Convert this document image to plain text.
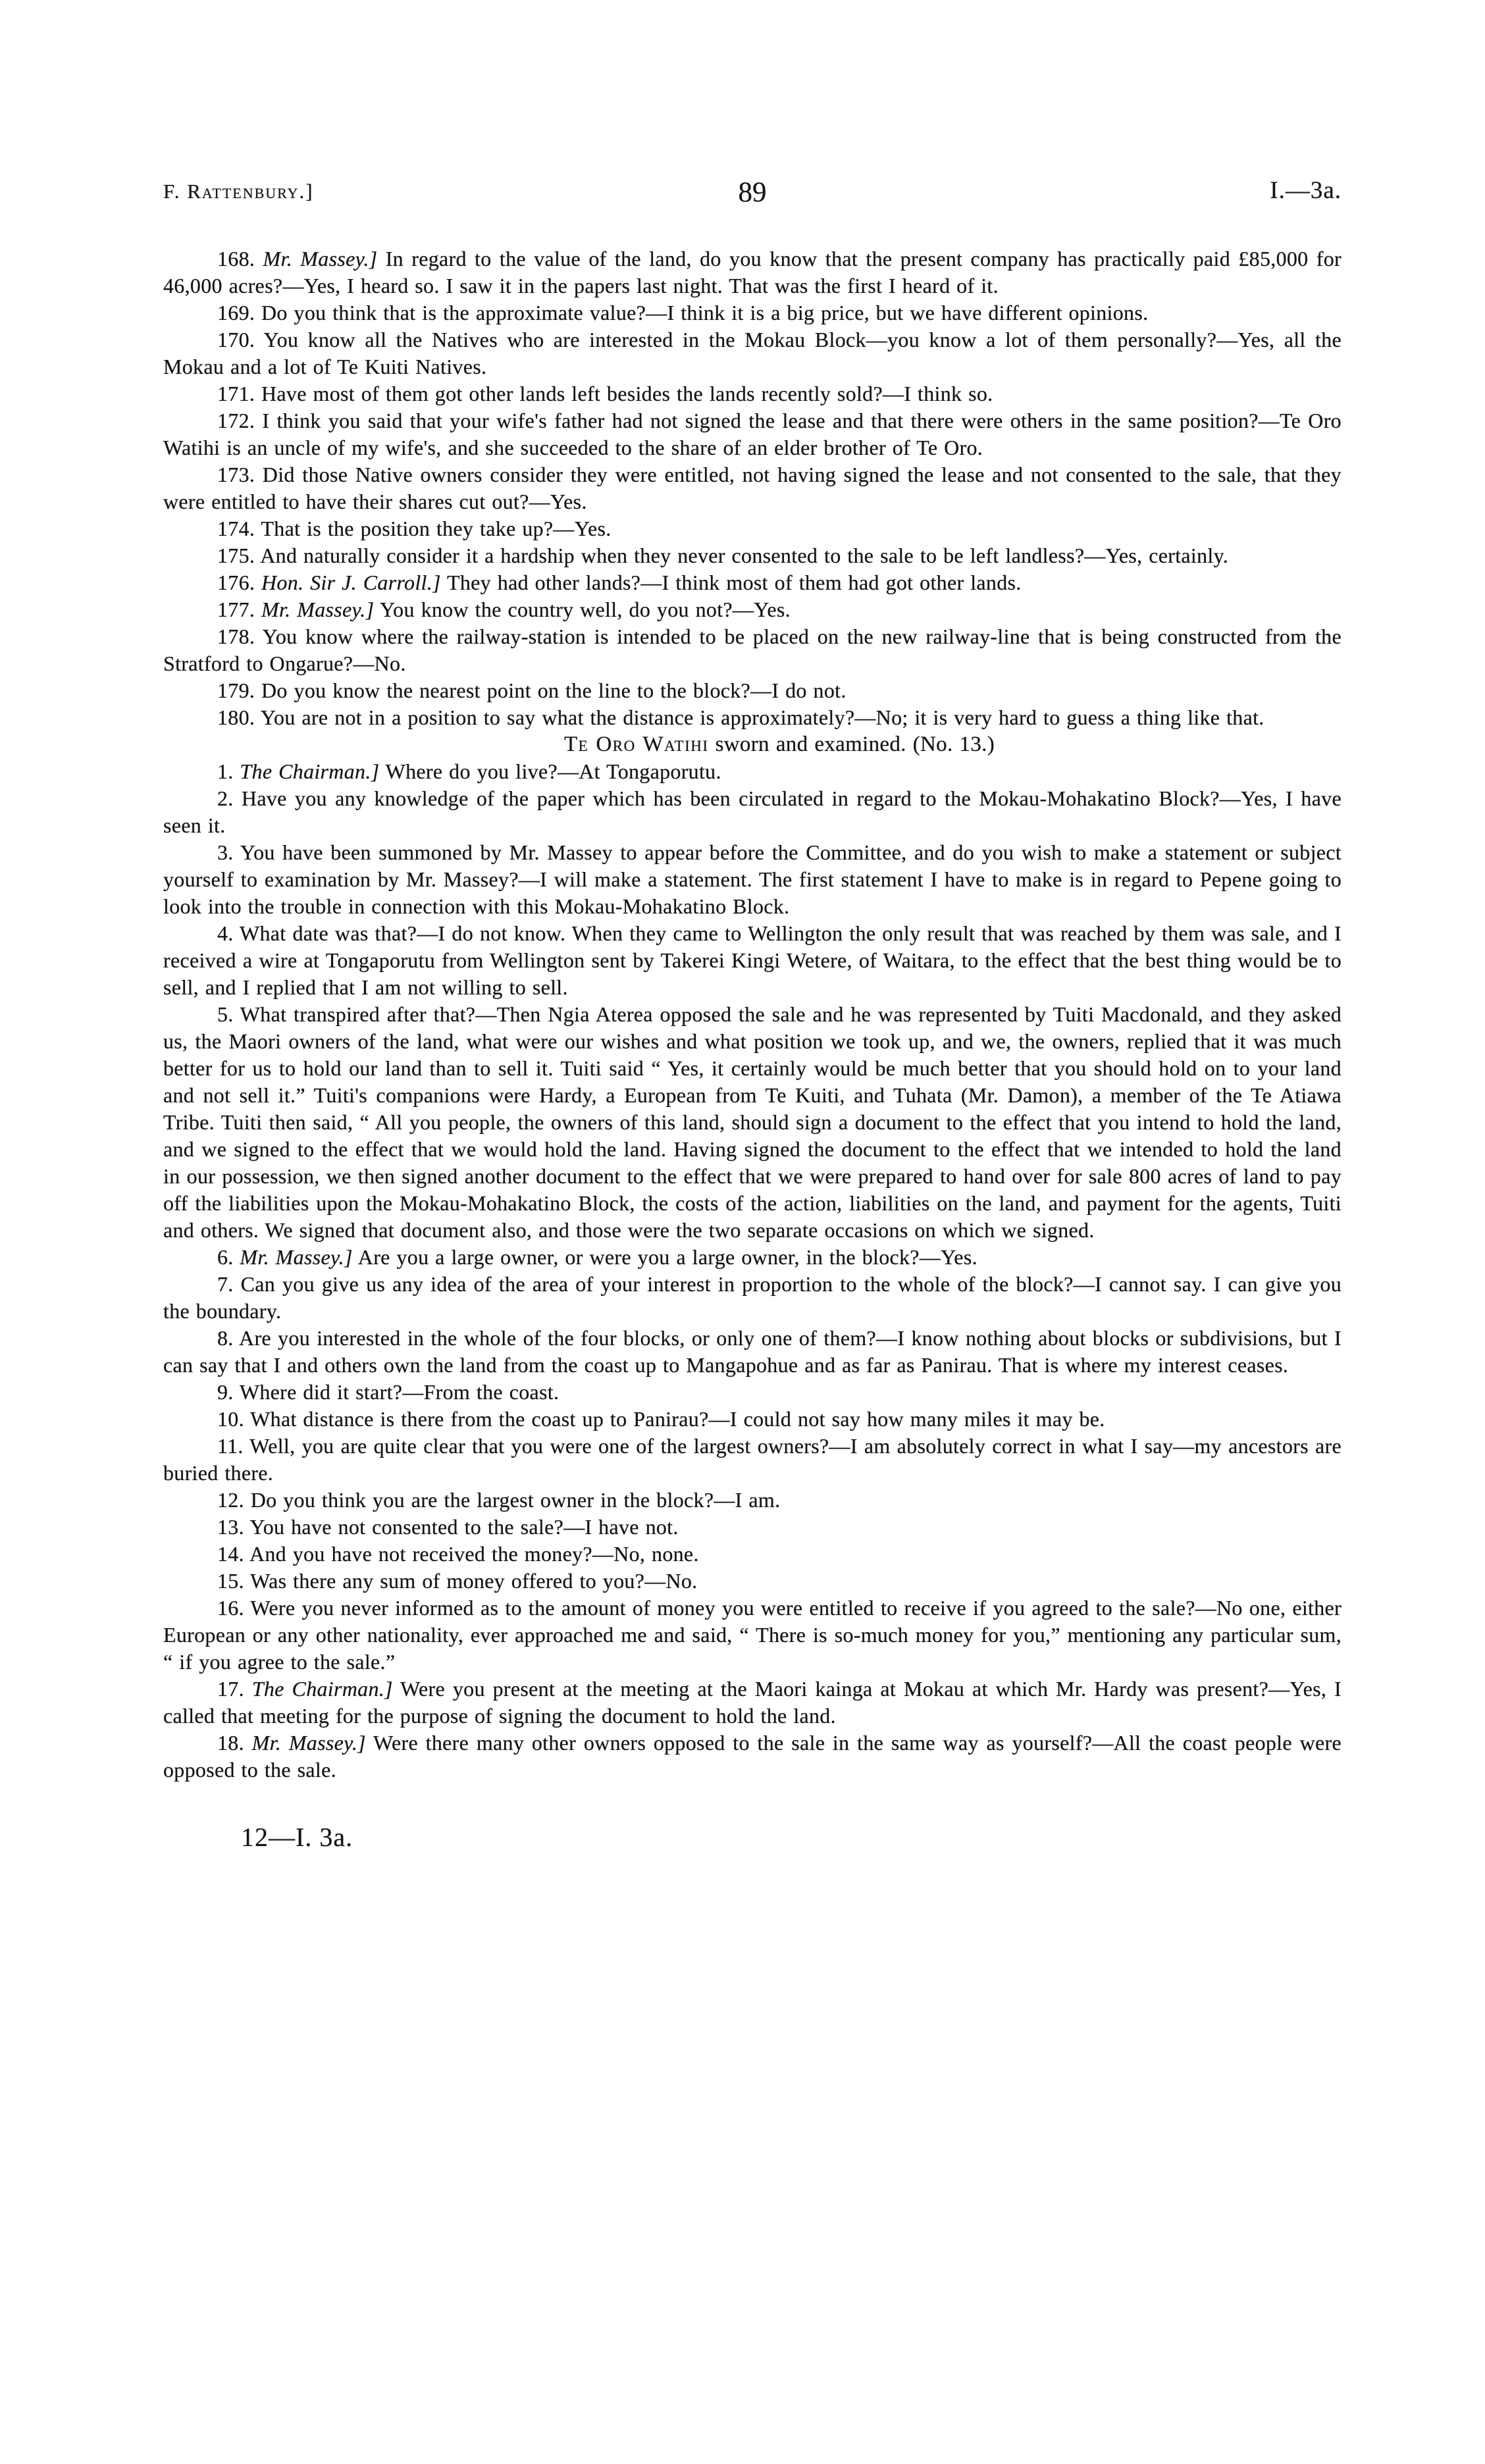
F. Rattenbury.]	89	I.—3a.

168. Mr. Massey.] In regard to the value of the land, do you know that the present company has practically paid £85,000 for 46,000 acres?—Yes, I heard so. I saw it in the papers last night. That was the first I heard of it.

169. Do you think that is the approximate value?—I think it is a big price, but we have different opinions.

170. You know all the Natives who are interested in the Mokau Block—you know a lot of them personally?—Yes, all the Mokau and a lot of Te Kuiti Natives.

171. Have most of them got other lands left besides the lands recently sold?—I think so.

172. I think you said that your wife's father had not signed the lease and that there were others in the same position?—Te Oro Watihi is an uncle of my wife's, and she succeeded to the share of an elder brother of Te Oro.

173. Did those Native owners consider they were entitled, not having signed the lease and not consented to the sale, that they were entitled to have their shares cut out?—Yes.

174. That is the position they take up?—Yes.

175. And naturally consider it a hardship when they never consented to the sale to be left landless?—Yes, certainly.

176. Hon. Sir J. Carroll.] They had other lands?—I think most of them had got other lands.

177. Mr. Massey.] You know the country well, do you not?—Yes.

178. You know where the railway-station is intended to be placed on the new railway-line that is being constructed from the Stratford to Ongarue?—No.

179. Do you know the nearest point on the line to the block?—I do not.

180. You are not in a position to say what the distance is approximately?—No; it is very hard to guess a thing like that.

Te Oro Watihi sworn and examined. (No. 13.)

1. The Chairman.] Where do you live?—At Tongaporutu.

2. Have you any knowledge of the paper which has been circulated in regard to the Mokau-Mohakatino Block?—Yes, I have seen it.

3. You have been summoned by Mr. Massey to appear before the Committee, and do you wish to make a statement or subject yourself to examination by Mr. Massey?—I will make a statement. The first statement I have to make is in regard to Pepene going to look into the trouble in connection with this Mokau-Mohakatino Block.

4. What date was that?—I do not know. When they came to Wellington the only result that was reached by them was sale, and I received a wire at Tongaporutu from Wellington sent by Takerei Kingi Wetere, of Waitara, to the effect that the best thing would be to sell, and I replied that I am not willing to sell.

5. What transpired after that?—Then Ngia Aterea opposed the sale and he was represented by Tuiti Macdonald, and they asked us, the Maori owners of the land, what were our wishes and what position we took up, and we, the owners, replied that it was much better for us to hold our land than to sell it. Tuiti said “ Yes, it certainly would be much better that you should hold on to your land and not sell it.” Tuiti's companions were Hardy, a European from Te Kuiti, and Tuhata (Mr. Damon), a member of the Te Atiawa Tribe. Tuiti then said, “ All you people, the owners of this land, should sign a document to the effect that you intend to hold the land, and we signed to the effect that we would hold the land. Having signed the document to the effect that we intended to hold the land in our possession, we then signed another document to the effect that we were prepared to hand over for sale 800 acres of land to pay off the liabilities upon the Mokau-Mohakatino Block, the costs of the action, liabilities on the land, and payment for the agents, Tuiti and others. We signed that document also, and those were the two separate occasions on which we signed.

6. Mr. Massey.] Are you a large owner, or were you a large owner, in the block?—Yes.

7. Can you give us any idea of the area of your interest in proportion to the whole of the block?—I cannot say. I can give you the boundary.

8. Are you interested in the whole of the four blocks, or only one of them?—I know nothing about blocks or subdivisions, but I can say that I and others own the land from the coast up to Mangapohue and as far as Panirau. That is where my interest ceases.

9. Where did it start?—From the coast.

10. What distance is there from the coast up to Panirau?—I could not say how many miles it may be.

11. Well, you are quite clear that you were one of the largest owners?—I am absolutely correct in what I say—my ancestors are buried there.

12. Do you think you are the largest owner in the block?—I am.

13. You have not consented to the sale?—I have not.

14. And you have not received the money?—No, none.

15. Was there any sum of money offered to you?—No.

16. Were you never informed as to the amount of money you were entitled to receive if you agreed to the sale?—No one, either European or any other nationality, ever approached me and said, “ There is so-much money for you,” mentioning any particular sum, “ if you agree to the sale.”

17. The Chairman.] Were you present at the meeting at the Maori kainga at Mokau at which Mr. Hardy was present?—Yes, I called that meeting for the purpose of signing the document to hold the land.

18. Mr. Massey.] Were there many other owners opposed to the sale in the same way as yourself?—All the coast people were opposed to the sale.

12—I. 3a.
